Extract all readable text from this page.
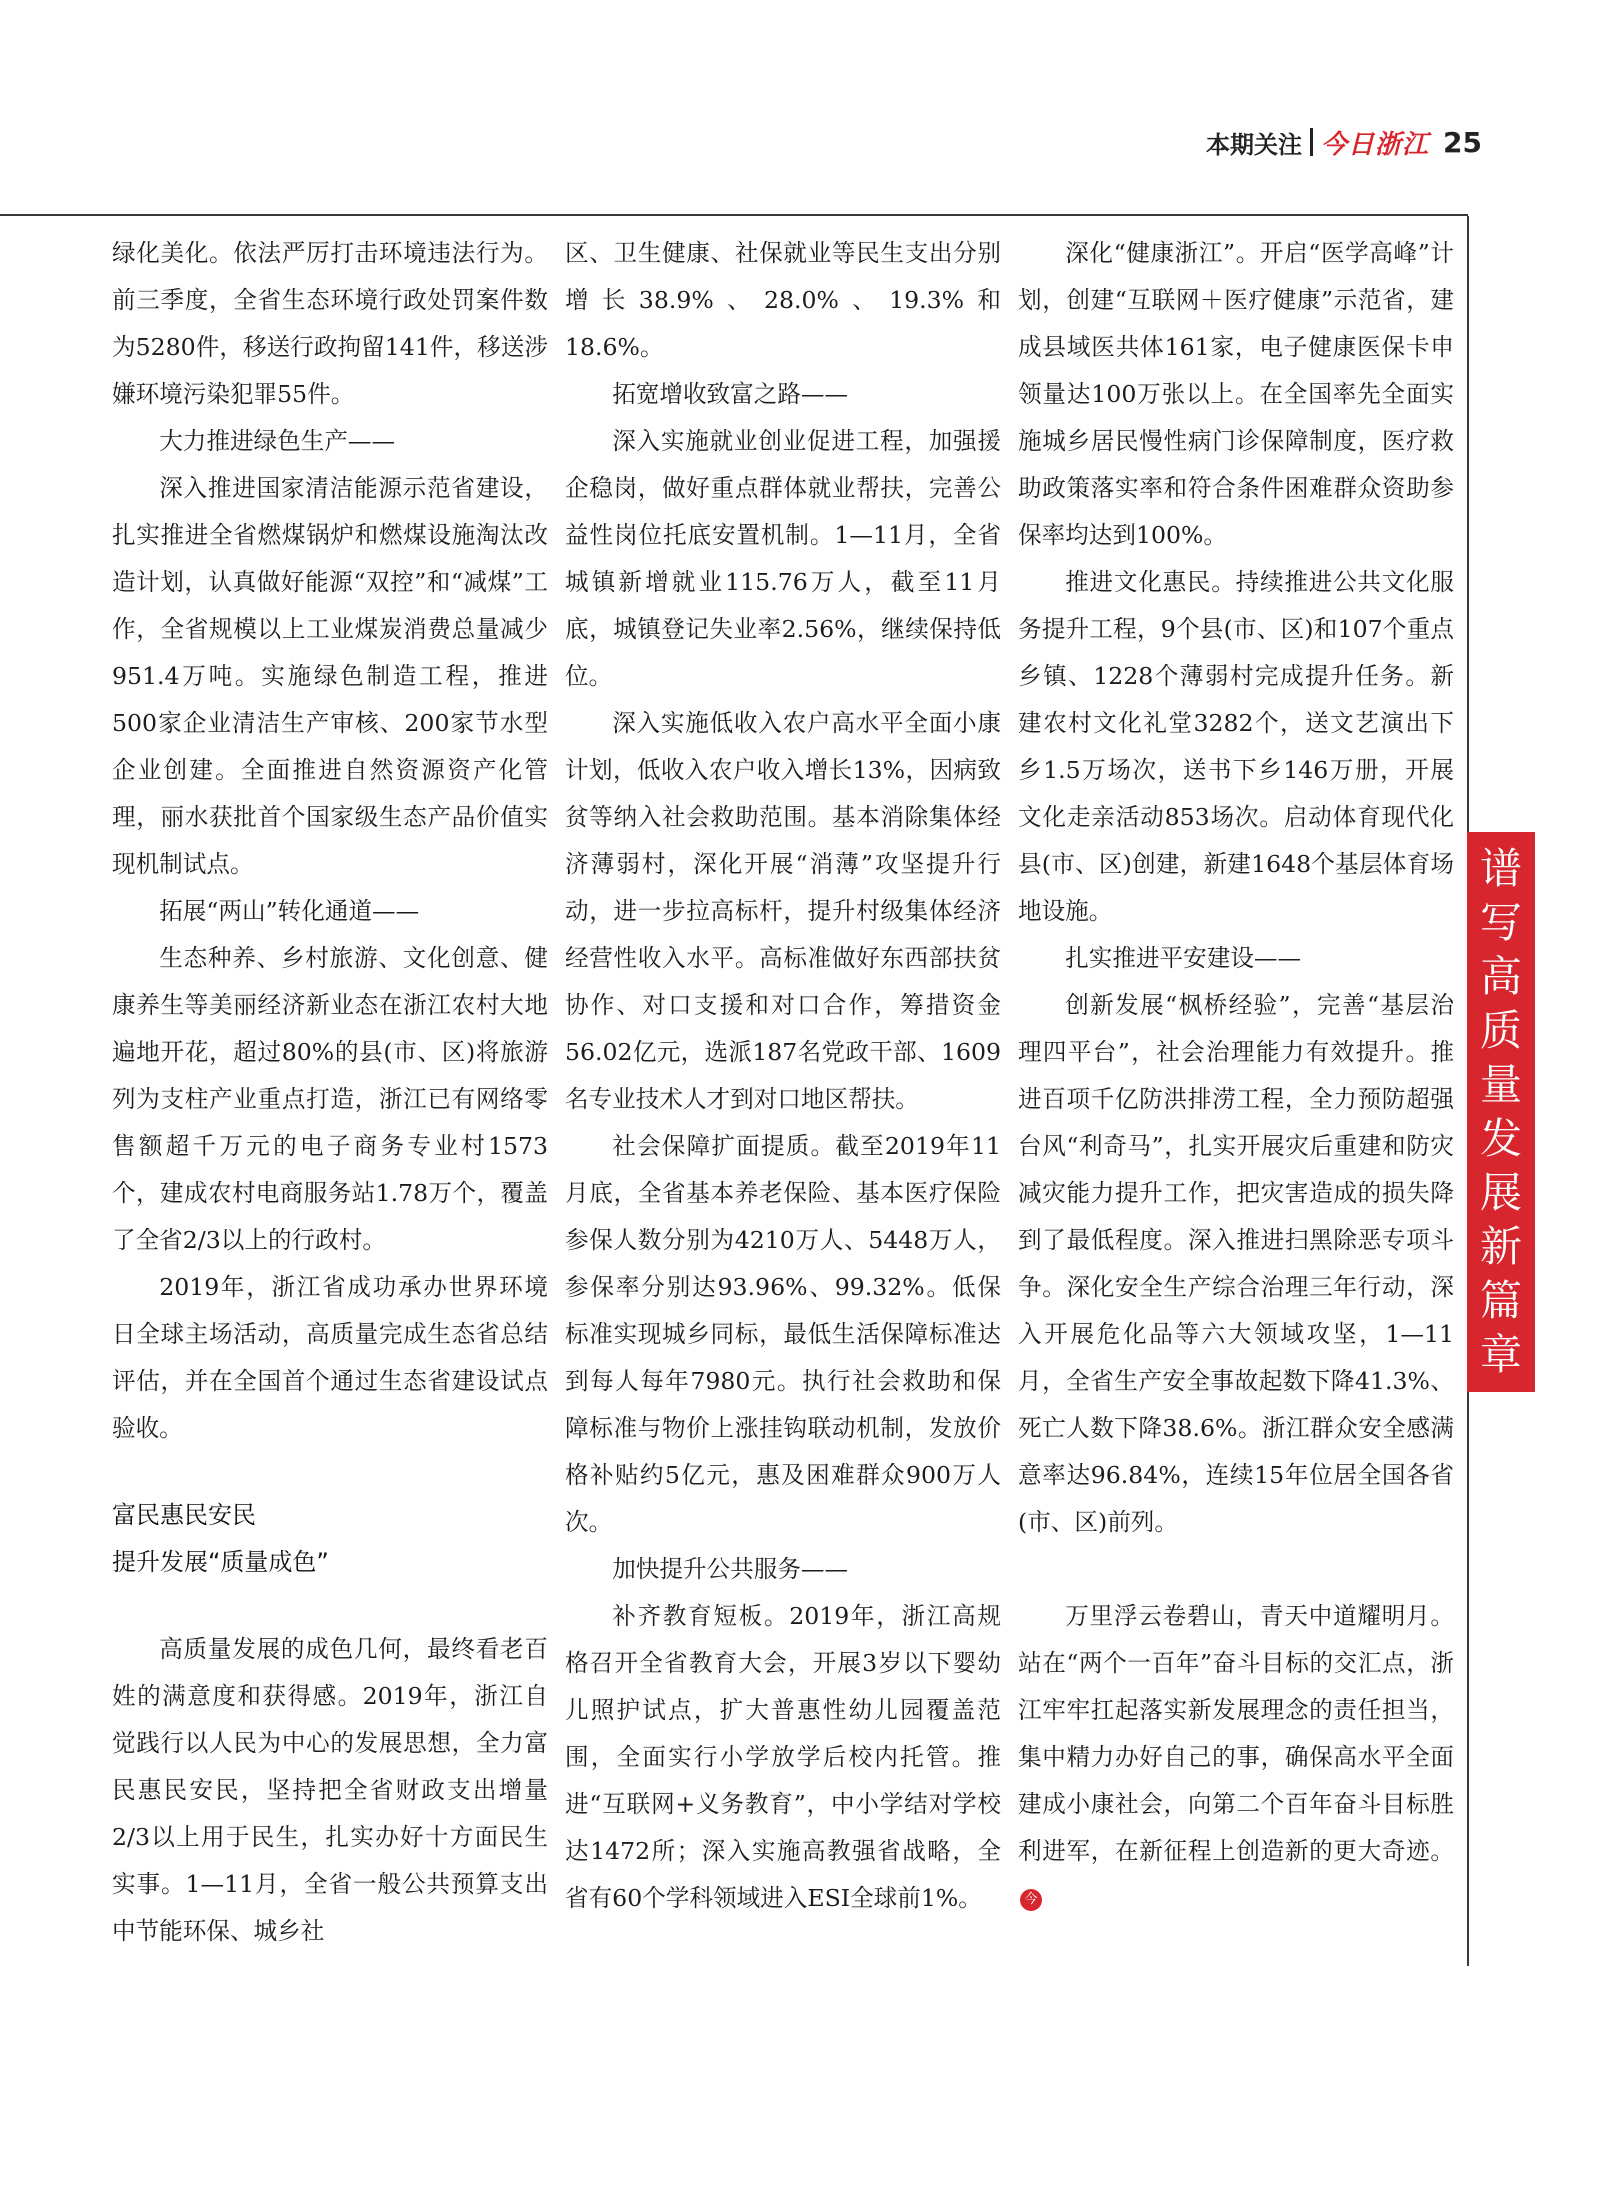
本期关注 今日浙江 25
谱
写
高
质
量
发
展
新
篇
章

绿化美化。依法严厉打击环境违法行为。前三季度，全省生态环境行政处罚案件数为5280件，移送行政拘留141件，移送涉嫌环境污染犯罪55件。

大力推进绿色生产——

深入推进国家清洁能源示范省建设，扎实推进全省燃煤锅炉和燃煤设施淘汰改造计划，认真做好能源“双控”和“减煤”工作，全省规模以上工业煤炭消费总量减少951.4万吨。实施绿色制造工程，推进500家企业清洁生产审核、200家节水型企业创建。全面推进自然资源资产化管理，丽水获批首个国家级生态产品价值实现机制试点。

拓展“两山”转化通道——

生态种养、乡村旅游、文化创意、健康养生等美丽经济新业态在浙江农村大地遍地开花，超过80%的县(市、区)将旅游列为支柱产业重点打造，浙江已有网络零售额超千万元的电子商务专业村1573个，建成农村电商服务站1.78万个，覆盖了全省2/3以上的行政村。

2019年，浙江省成功承办世界环境日全球主场活动，高质量完成生态省总结评估，并在全国首个通过生态省建设试点验收。

富民惠民安民

提升发展“质量成色”

高质量发展的成色几何，最终看老百姓的满意度和获得感。2019年，浙江自觉践行以人民为中心的发展思想，全力富民惠民安民，坚持把全省财政支出增量2/3以上用于民生，扎实办好十方面民生实事。1—11月，全省一般公共预算支出中节能环保、城乡社

区、卫生健康、社保就业等民生支出分别增长38.9%、28.0%、19.3%和18.6%。

拓宽增收致富之路——

深入实施就业创业促进工程，加强援企稳岗，做好重点群体就业帮扶，完善公益性岗位托底安置机制。1—11月，全省城镇新增就业115.76万人，截至11月底，城镇登记失业率2.56%，继续保持低位。

深入实施低收入农户高水平全面小康计划，低收入农户收入增长13%，因病致贫等纳入社会救助范围。基本消除集体经济薄弱村，深化开展“消薄”攻坚提升行动，进一步拉高标杆，提升村级集体经济经营性收入水平。高标准做好东西部扶贫协作、对口支援和对口合作，筹措资金56.02亿元，选派187名党政干部、1609名专业技术人才到对口地区帮扶。

社会保障扩面提质。截至2019年11月底，全省基本养老保险、基本医疗保险参保人数分别为4210万人、5448万人，参保率分别达93.96%、99.32%。低保标准实现城乡同标，最低生活保障标准达到每人每年7980元。执行社会救助和保障标准与物价上涨挂钩联动机制，发放价格补贴约5亿元，惠及困难群众900万人次。

加快提升公共服务——

补齐教育短板。2019年，浙江高规格召开全省教育大会，开展3岁以下婴幼儿照护试点，扩大普惠性幼儿园覆盖范围，全面实行小学放学后校内托管。推进“互联网+义务教育”，中小学结对学校达1472所；深入实施高教强省战略，全省有60个学科领域进入ESI全球前1%。

深化“健康浙江”。开启“医学高峰”计划，创建“互联网＋医疗健康”示范省，建成县域医共体161家，电子健康医保卡申领量达100万张以上。在全国率先全面实施城乡居民慢性病门诊保障制度，医疗救助政策落实率和符合条件困难群众资助参保率均达到100%。

推进文化惠民。持续推进公共文化服务提升工程，9个县(市、区)和107个重点乡镇、1228个薄弱村完成提升任务。新建农村文化礼堂3282个，送文艺演出下乡1.5万场次，送书下乡146万册，开展文化走亲活动853场次。启动体育现代化县(市、区)创建，新建1648个基层体育场地设施。

扎实推进平安建设——

创新发展“枫桥经验”，完善“基层治理四平台”，社会治理能力有效提升。推进百项千亿防洪排涝工程，全力预防超强台风“利奇马”，扎实开展灾后重建和防灾减灾能力提升工作，把灾害造成的损失降到了最低程度。深入推进扫黑除恶专项斗争。深化安全生产综合治理三年行动，深入开展危化品等六大领域攻坚，1—11月，全省生产安全事故起数下降41.3%、死亡人数下降38.6%。浙江群众安全感满意率达96.84%，连续15年位居全国各省(市、区)前列。

万里浮云卷碧山，青天中道耀明月。站在“两个一百年”奋斗目标的交汇点，浙江牢牢扛起落实新发展理念的责任担当，集中精力办好自己的事，确保高水平全面建成小康社会，向第二个百年奋斗目标胜利进军，在新征程上创造新的更大奇迹。今
